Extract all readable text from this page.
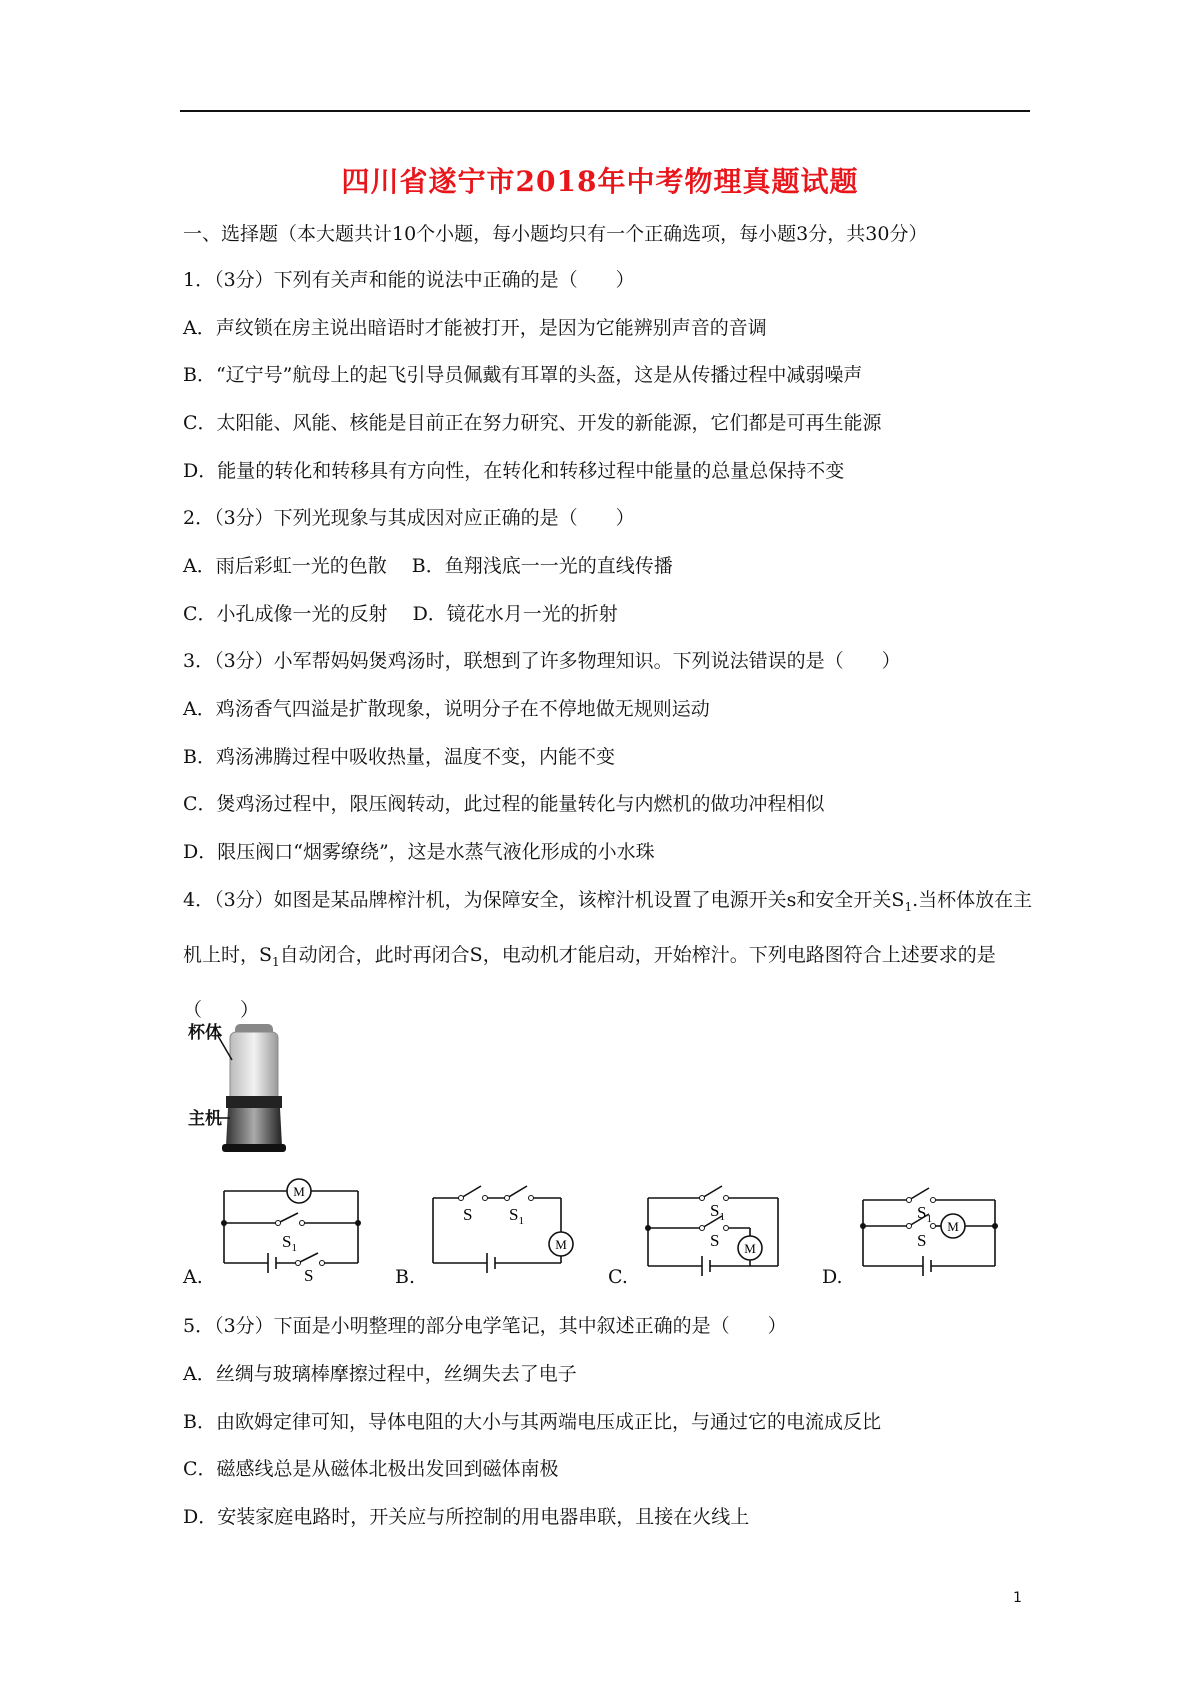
四川省遂宁市2018年中考物理真题试题
一、选择题（本大题共计10个小题，每小题均只有一个正确选项，每小题3分，共30分）
1．（3分）下列有关声和能的说法中正确的是（　　）
A．声纹锁在房主说出暗语时才能被打开，是因为它能辨别声音的音调
B．“辽宁号”航母上的起飞引导员佩戴有耳罩的头盔，这是从传播过程中减弱噪声
C．太阳能、风能、核能是目前正在努力研究、开发的新能源，它们都是可再生能源
D．能量的转化和转移具有方向性，在转化和转移过程中能量的总量总保持不变
2．（3分）下列光现象与其成因对应正确的是（　　）
A．雨后彩虹一光的色散　 B．鱼翔浅底一一光的直线传播
C．小孔成像一光的反射　 D．镜花水月一光的折射
3．（3分）小军帮妈妈煲鸡汤时，联想到了许多物理知识。下列说法错误的是（　　）
A．鸡汤香气四溢是扩散现象，说明分子在不停地做无规则运动
B．鸡汤沸腾过程中吸收热量，温度不变，内能不变
C．煲鸡汤过程中，限压阀转动，此过程的能量转化与内燃机的做功冲程相似
D．限压阀口“烟雾缭绕”，这是水蒸气液化形成的小水珠
4．（3分）如图是某品牌榨汁机，为保障安全，该榨汁机设置了电源开关s和安全开关$S_1$.当杯体放在主机上时，$S_1$自动闭合，此时再闭合S，电动机才能启动，开始榨汁。下列电路图符合上述要求的是（　　）
杯体
主机
M
$S_1$
S
A.
S $S_1$
M
B.
$S_1$
S M
C.
$S_1$
S
M
D.
5．（3分）下面是小明整理的部分电学笔记，其中叙述正确的是（　　）
A．丝绸与玻璃棒摩擦过程中，丝绸失去了电子
B．由欧姆定律可知，导体电阻的大小与其两端电压成正比，与通过它的电流成反比
C．磁感线总是从磁体北极出发回到磁体南极
D．安装家庭电路时，开关应与所控制的用电器串联，且接在火线上
1
